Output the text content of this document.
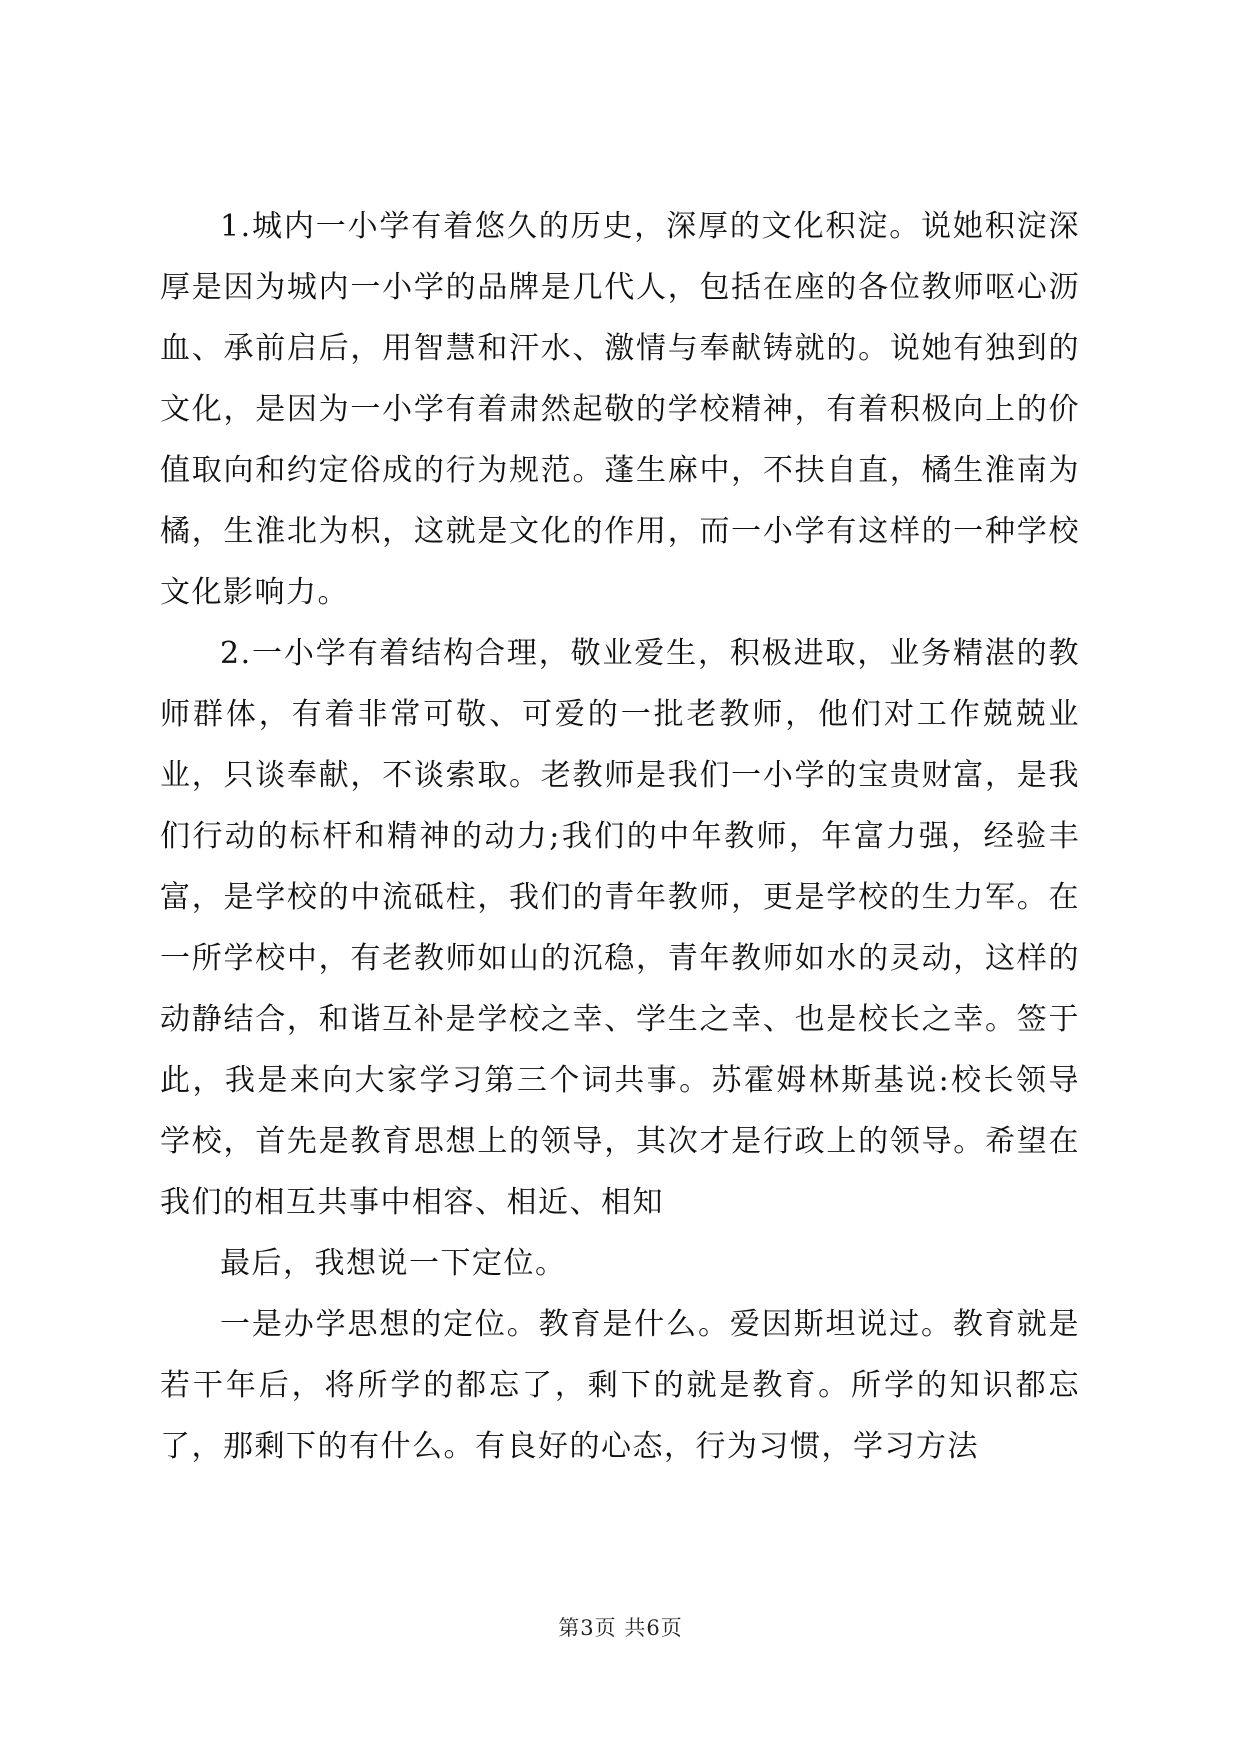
1.城内一小学有着悠久的历史，深厚的文化积淀。说她积淀深厚是因为城内一小学的品牌是几代人，包括在座的各位教师呕心沥血、承前启后，用智慧和汗水、激情与奉献铸就的。说她有独到的文化，是因为一小学有着肃然起敬的学校精神，有着积极向上的价值取向和约定俗成的行为规范。蓬生麻中，不扶自直，橘生淮南为橘，生淮北为枳，这就是文化的作用，而一小学有这样的一种学校文化影响力。

2.一小学有着结构合理，敬业爱生，积极进取，业务精湛的教师群体，有着非常可敬、可爱的一批老教师，他们对工作兢兢业业，只谈奉献，不谈索取。老教师是我们一小学的宝贵财富，是我们行动的标杆和精神的动力;我们的中年教师，年富力强，经验丰富，是学校的中流砥柱，我们的青年教师，更是学校的生力军。在一所学校中，有老教师如山的沉稳，青年教师如水的灵动，这样的动静结合，和谐互补是学校之幸、学生之幸、也是校长之幸。签于此，我是来向大家学习第三个词共事。苏霍姆林斯基说:校长领导学校，首先是教育思想上的领导，其次才是行政上的领导。希望在我们的相互共事中相容、相近、相知

最后，我想说一下定位。

一是办学思想的定位。教育是什么。爱因斯坦说过。教育就是若干年后，将所学的都忘了，剩下的就是教育。所学的知识都忘了，那剩下的有什么。有良好的心态，行为习惯，学习方法

第3页 共6页
